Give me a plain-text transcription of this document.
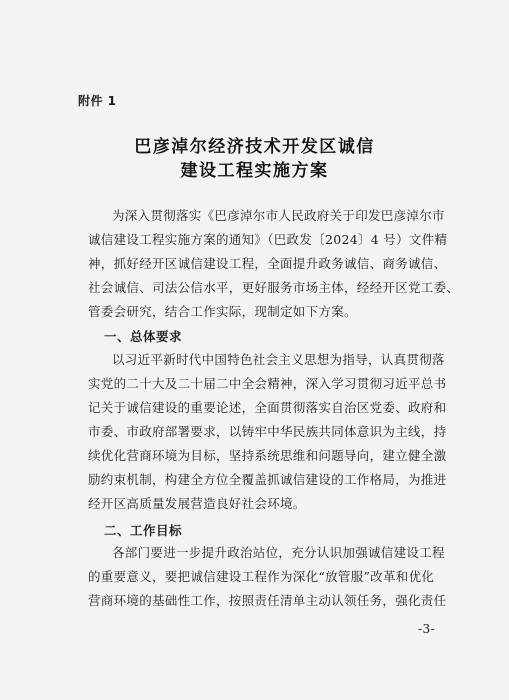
附件 1
巴彦淖尔经济技术开发区诚信
建设工程实施方案
为深入贯彻落实《巴彦淖尔市人民政府关于印发巴彦淖尔市
诚信建设工程实施方案的通知》（巴政发〔2024〕4 号）文件精
神，抓好经开区诚信建设工程，全面提升政务诚信、商务诚信、
社会诚信、司法公信水平，更好服务市场主体，经经开区党工委、
管委会研究，结合工作实际，现制定如下方案。
一、总体要求
以习近平新时代中国特色社会主义思想为指导，认真贯彻落
实党的二十大及二十届二中全会精神，深入学习贯彻习近平总书
记关于诚信建设的重要论述，全面贯彻落实自治区党委、政府和
市委、市政府部署要求，以铸牢中华民族共同体意识为主线，持
续优化营商环境为目标，坚持系统思维和问题导向，建立健全激
励约束机制，构建全方位全覆盖抓诚信建设的工作格局，为推进
经开区高质量发展营造良好社会环境。
二、工作目标
各部门要进一步提升政治站位，充分认识加强诚信建设工程
的重要意义，要把诚信建设工程作为深化“放管服”改革和优化
营商环境的基础性工作，按照责任清单主动认领任务，强化责任
-3-
